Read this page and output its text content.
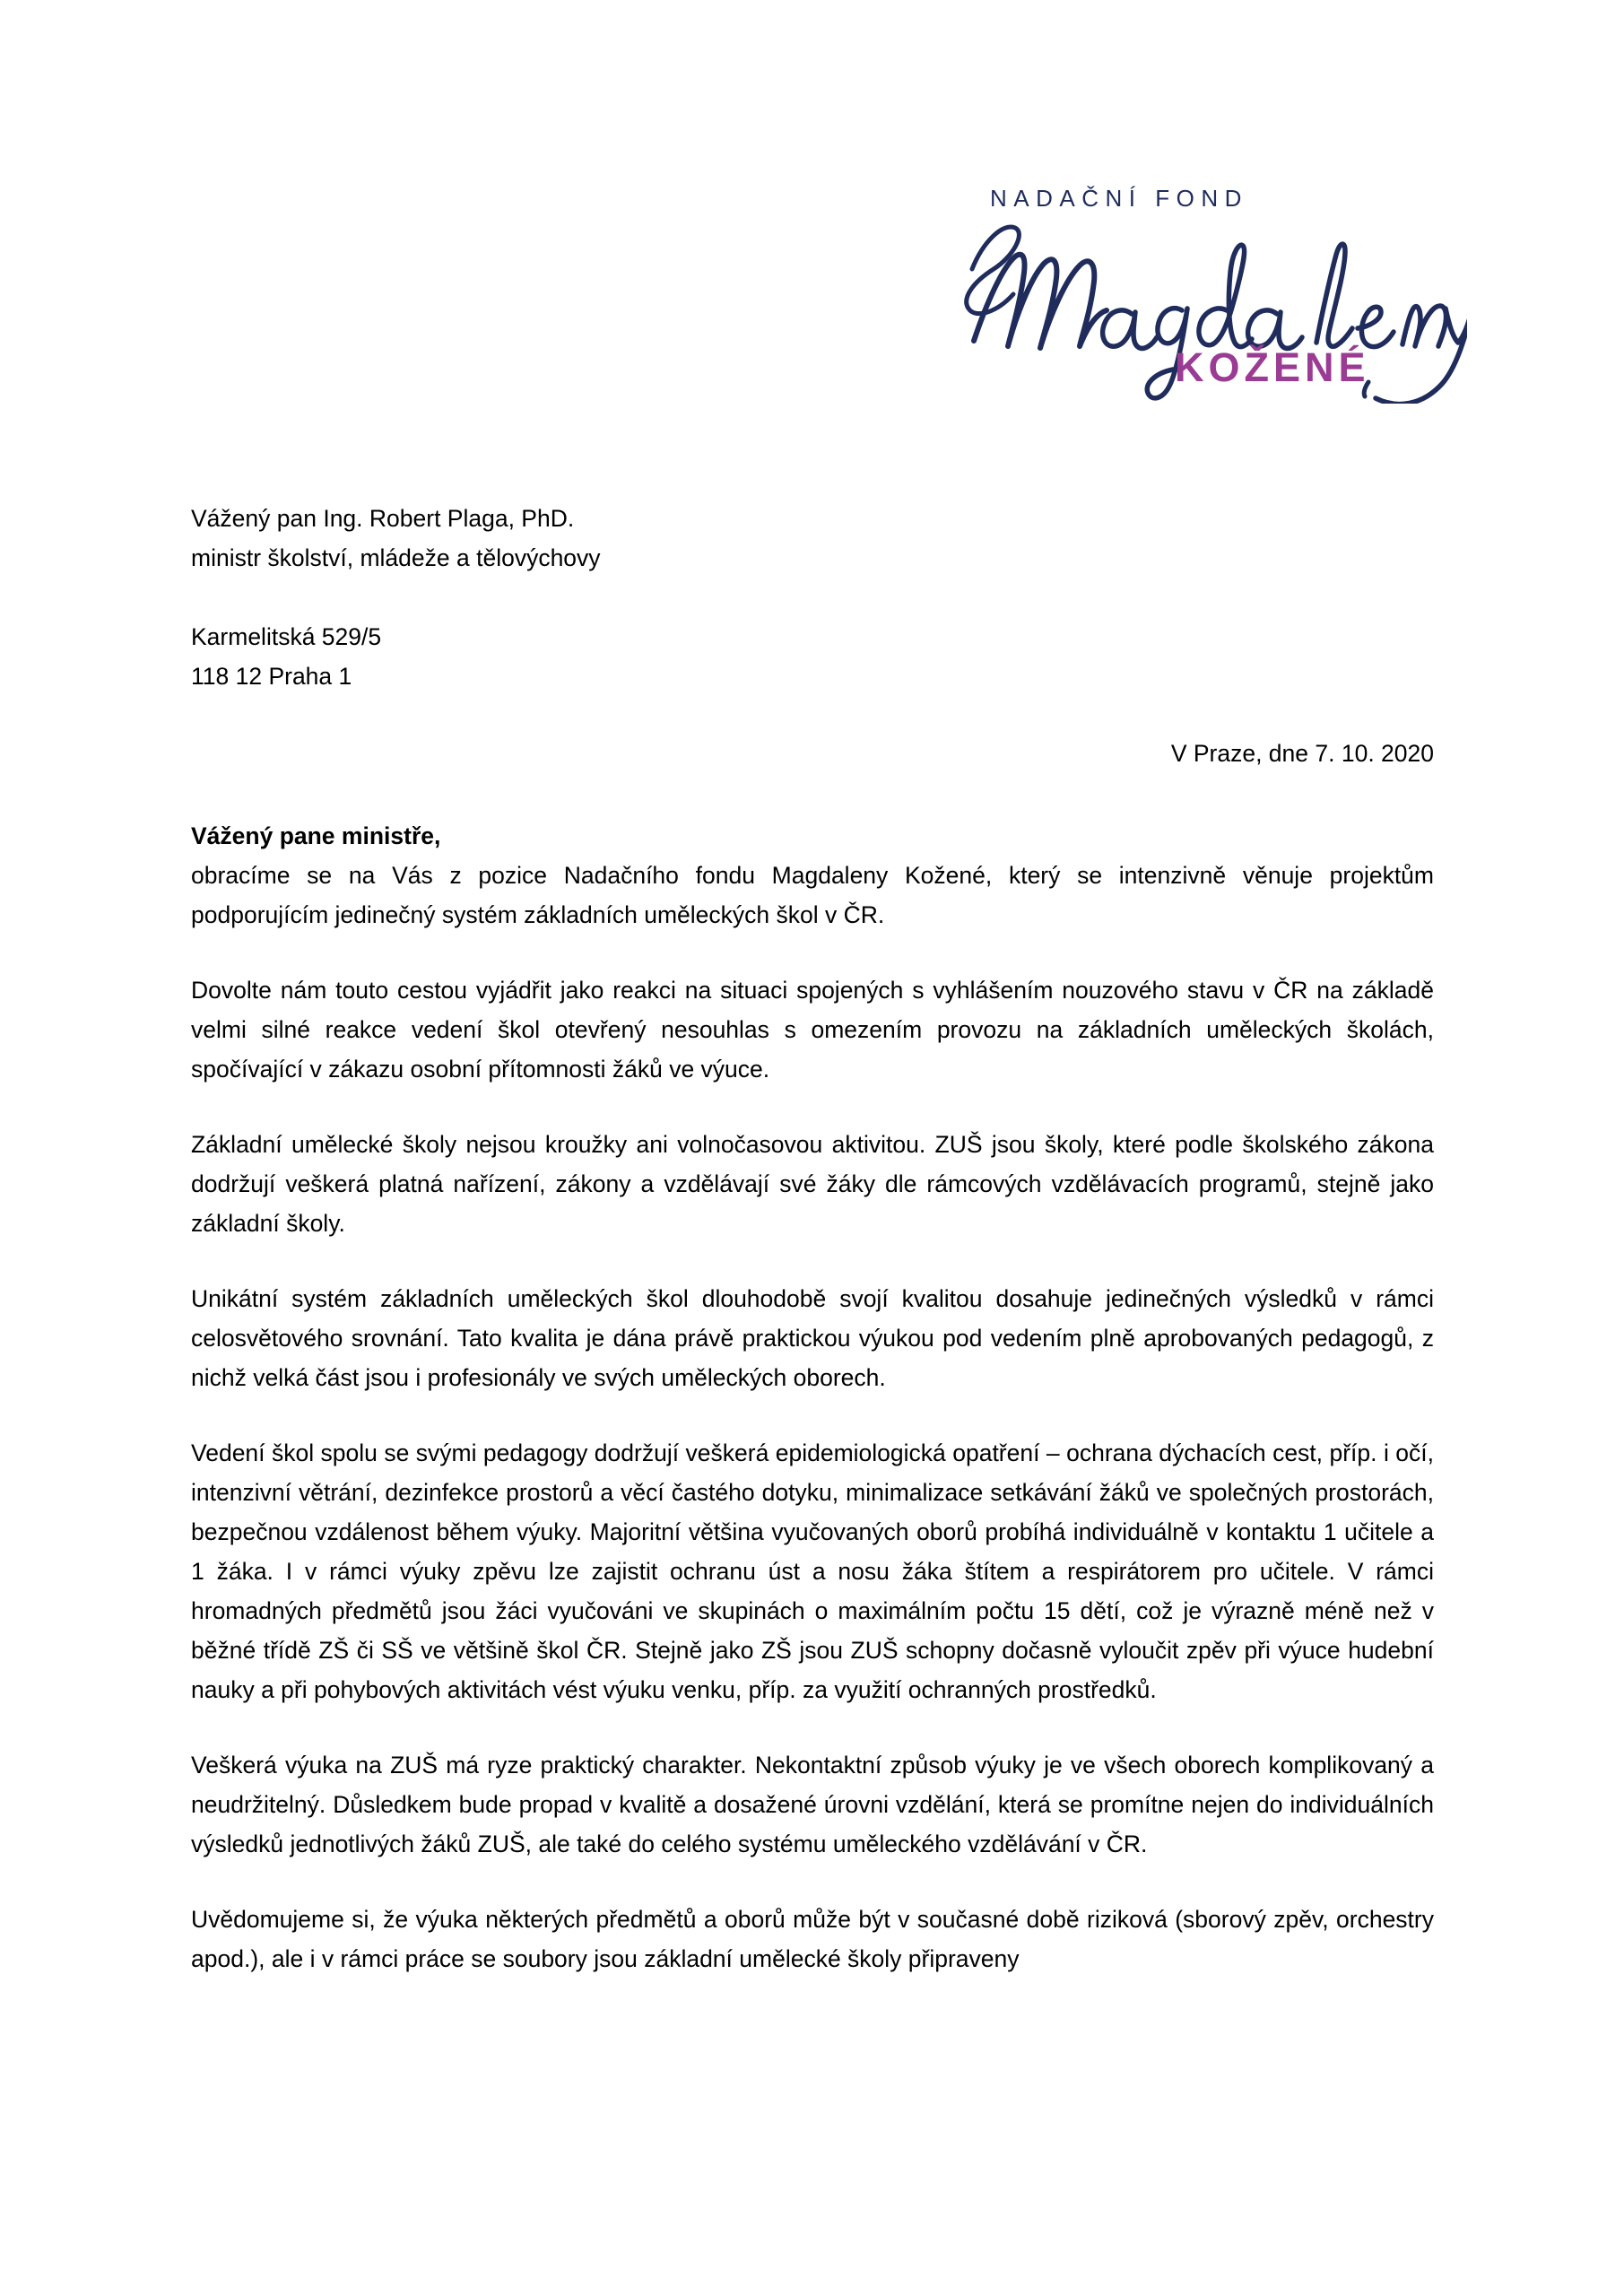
NADAČNÍ FOND
KOŽENÉ
Vážený pan Ing. Robert Plaga, PhD.
ministr školství, mládeže a tělovýchovy
Karmelitská 529/5
118 12 Praha 1
V Praze, dne 7. 10. 2020
Vážený pane ministře,

obracíme se na Vás z pozice Nadačního fondu Magdaleny Kožené, který se intenzivně věnuje projektům podporujícím jedinečný systém základních uměleckých škol v ČR.

Dovolte nám touto cestou vyjádřit jako reakci na situaci spojených s vyhlášením nouzového stavu v ČR na základě velmi silné reakce vedení škol otevřený nesouhlas s omezením provozu na základních uměleckých školách, spočívající v zákazu osobní přítomnosti žáků ve výuce.

Základní umělecké školy nejsou kroužky ani volnočasovou aktivitou. ZUŠ jsou školy, které podle školského zákona dodržují veškerá platná nařízení, zákony a vzdělávají své žáky dle rámcových vzdělávacích programů, stejně jako základní školy.

Unikátní systém základních uměleckých škol dlouhodobě svojí kvalitou dosahuje jedinečných výsledků v rámci celosvětového srovnání. Tato kvalita je dána právě praktickou výukou pod vedením plně aprobovaných pedagogů, z nichž velká část jsou i profesionály ve svých uměleckých oborech.

Vedení škol spolu se svými pedagogy dodržují veškerá epidemiologická opatření – ochrana dýchacích cest, příp. i očí, intenzivní větrání, dezinfekce prostorů a věcí častého dotyku, minimalizace setkávání žáků ve společných prostorách, bezpečnou vzdálenost během výuky. Majoritní většina vyučovaných oborů probíhá individuálně v kontaktu 1 učitele a 1 žáka. I v rámci výuky zpěvu lze zajistit ochranu úst a nosu žáka štítem a respirátorem pro učitele. V rámci hromadných předmětů jsou žáci vyučováni ve skupinách o maximálním počtu 15 dětí, což je výrazně méně než v běžné třídě ZŠ či SŠ ve většině škol ČR. Stejně jako ZŠ jsou ZUŠ schopny dočasně vyloučit zpěv při výuce hudební nauky a při pohybových aktivitách vést výuku venku, příp. za využití ochranných prostředků.

Veškerá výuka na ZUŠ má ryze praktický charakter. Nekontaktní způsob výuky je ve všech oborech komplikovaný a neudržitelný. Důsledkem bude propad v kvalitě a dosažené úrovni vzdělání, která se promítne nejen do individuálních výsledků jednotlivých žáků ZUŠ, ale také do celého systému uměleckého vzdělávání v ČR.

Uvědomujeme si, že výuka některých předmětů a oborů může být v současné době riziková (sborový zpěv, orchestry apod.), ale i v rámci práce se soubory jsou základní umělecké školy připraveny
